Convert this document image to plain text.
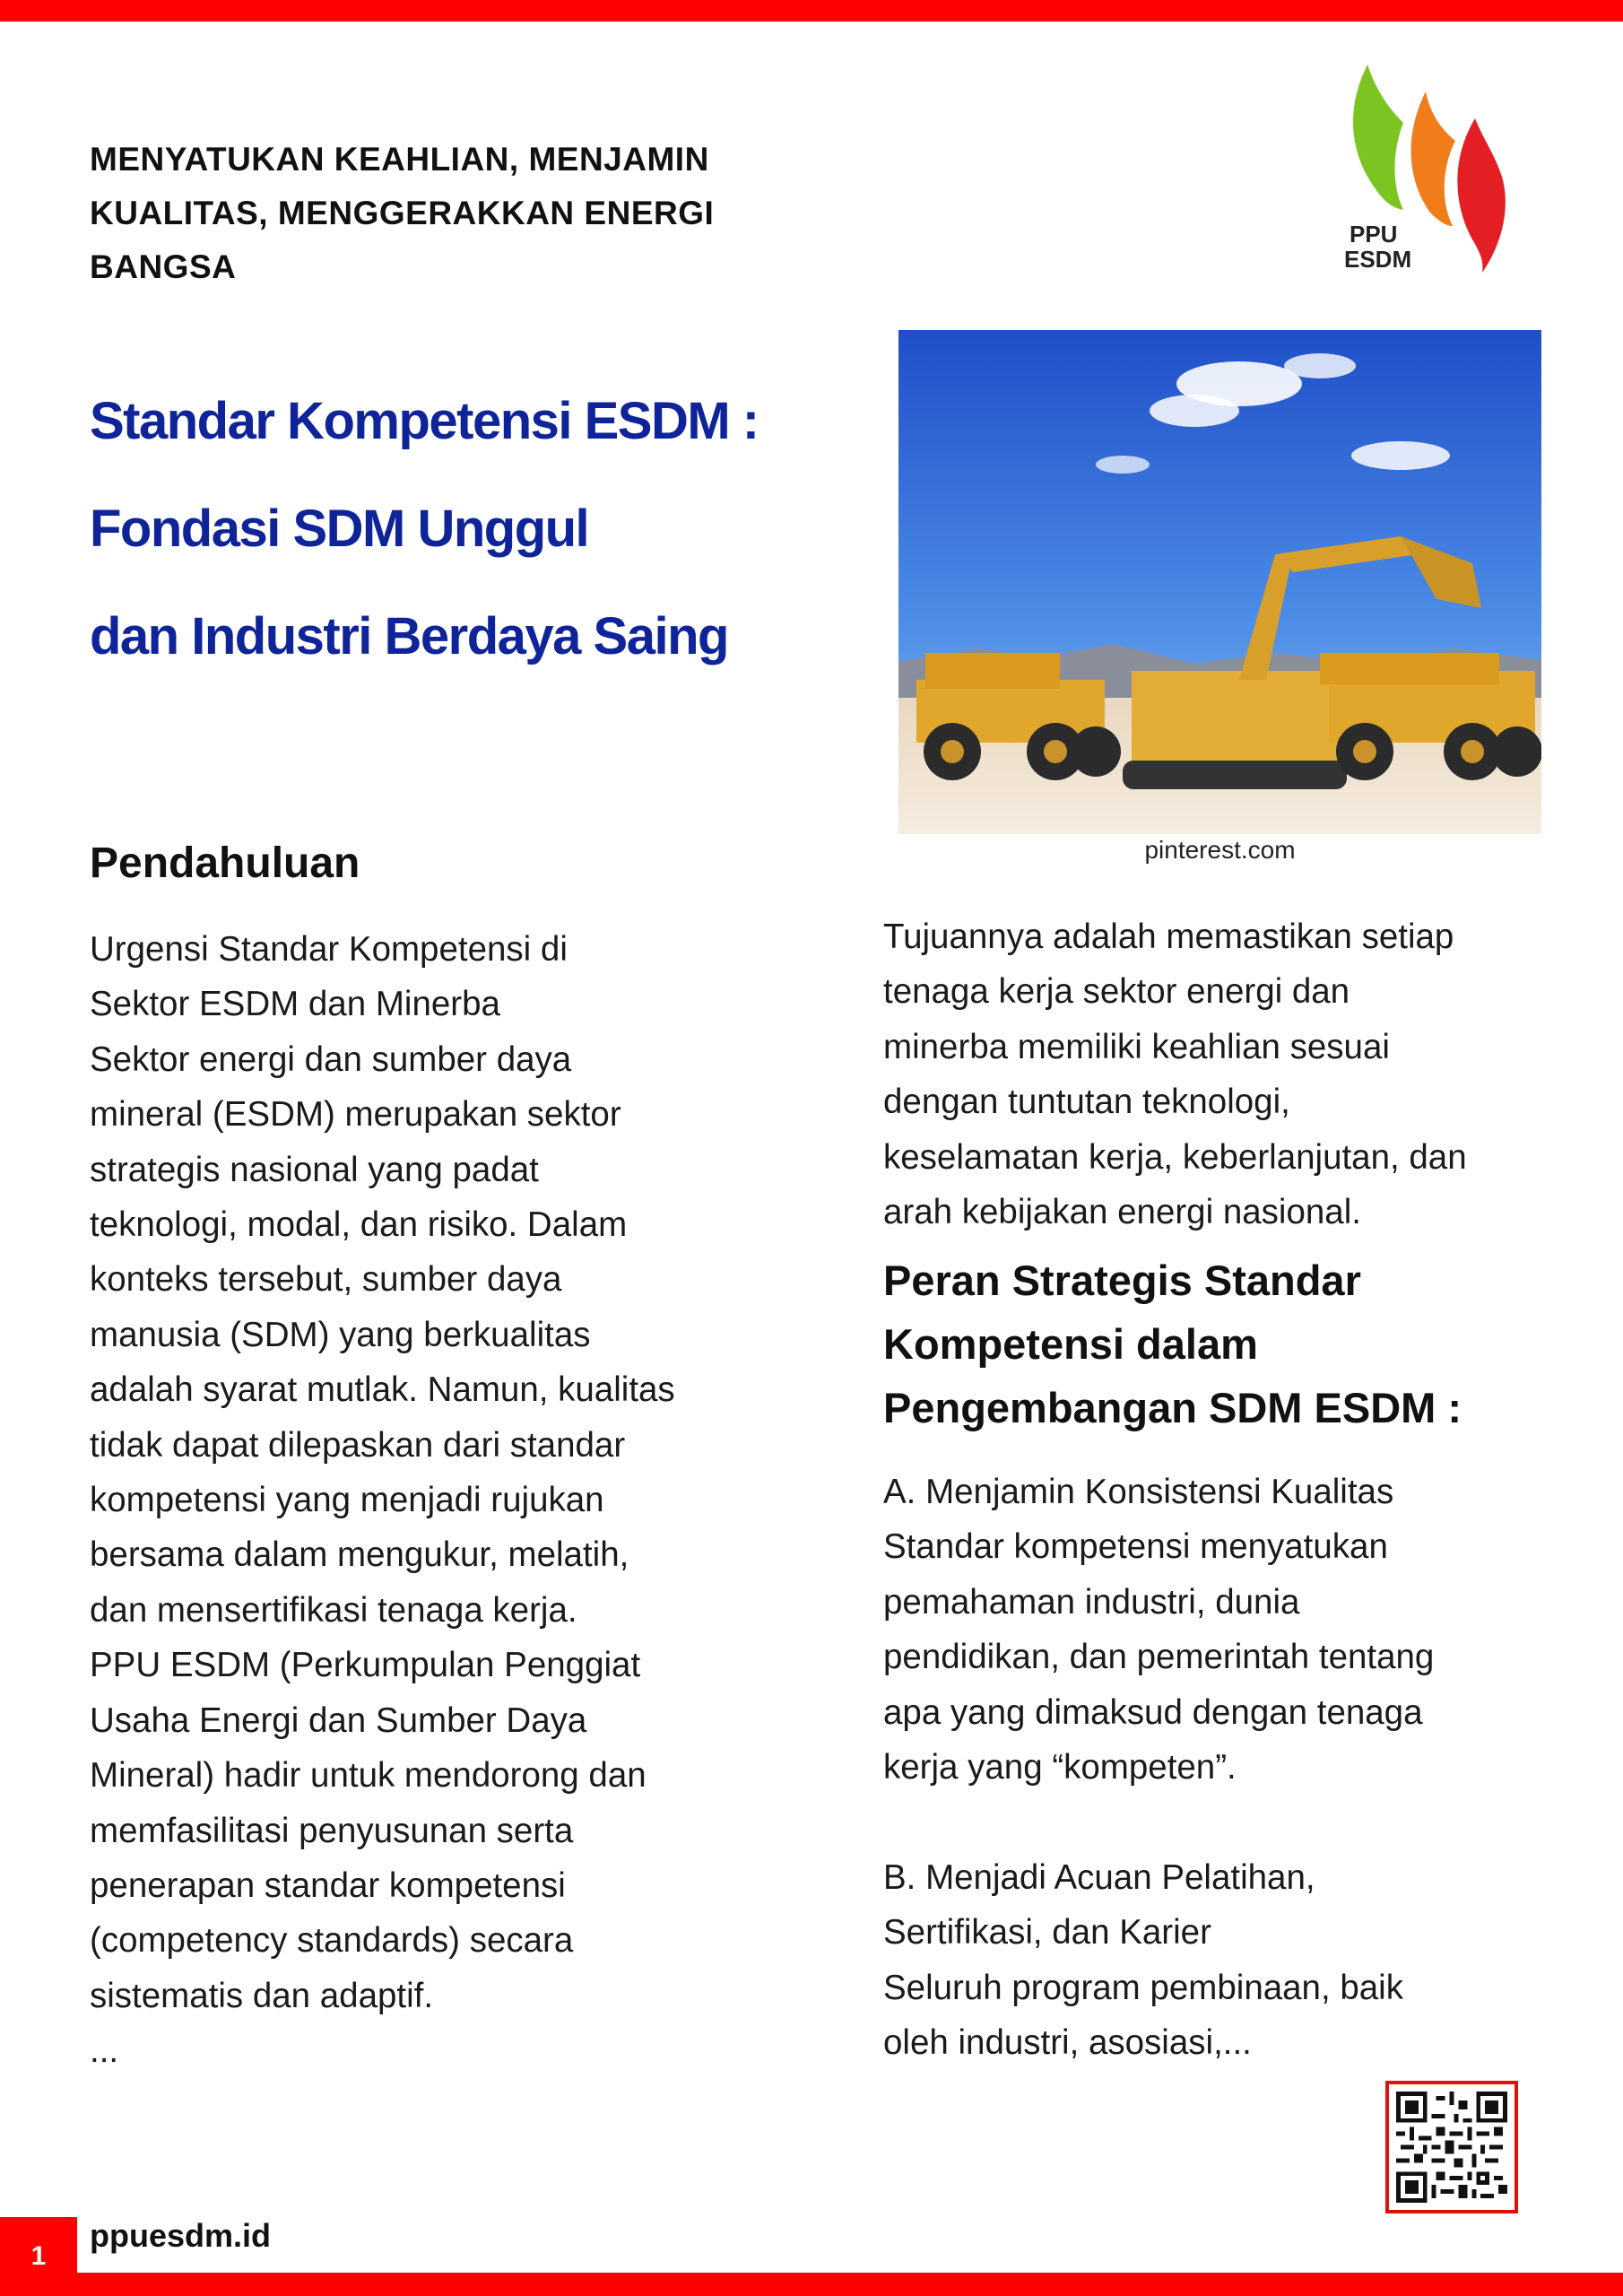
MENYATUKAN KEAHLIAN, MENJAMIN
KUALITAS, MENGGERAKKAN ENERGI
BANGSA
PPU
ESDM
Standar Kompetensi ESDM :
Fondasi SDM Unggul
dan Industri Berdaya Saing
pinterest.com
Pendahuluan
Urgensi Standar Kompetensi di
Sektor ESDM dan Minerba
Sektor energi dan sumber daya
mineral (ESDM) merupakan sektor
strategis nasional yang padat
teknologi, modal, dan risiko. Dalam
konteks tersebut, sumber daya
manusia (SDM) yang berkualitas
adalah syarat mutlak. Namun, kualitas
tidak dapat dilepaskan dari standar
kompetensi yang menjadi rujukan
bersama dalam mengukur, melatih,
dan mensertifikasi tenaga kerja.
PPU ESDM (Perkumpulan Penggiat
Usaha Energi dan Sumber Daya
Mineral) hadir untuk mendorong dan
memfasilitasi penyusunan serta
penerapan standar kompetensi
(competency standards) secara
sistematis dan adaptif.
...
Tujuannya adalah memastikan setiap
tenaga kerja sektor energi dan
minerba memiliki keahlian sesuai
dengan tuntutan teknologi,
keselamatan kerja, keberlanjutan, dan
arah kebijakan energi nasional.
Peran Strategis Standar
Kompetensi dalam
Pengembangan SDM ESDM :
A. Menjamin Konsistensi Kualitas
Standar kompetensi menyatukan
pemahaman industri, dunia
pendidikan, dan pemerintah tentang
apa yang dimaksud dengan tenaga
kerja yang “kompeten”.
B. Menjadi Acuan Pelatihan,
Sertifikasi, dan Karier
Seluruh program pembinaan, baik
oleh industri, asosiasi,...
1
ppuesdm.id
